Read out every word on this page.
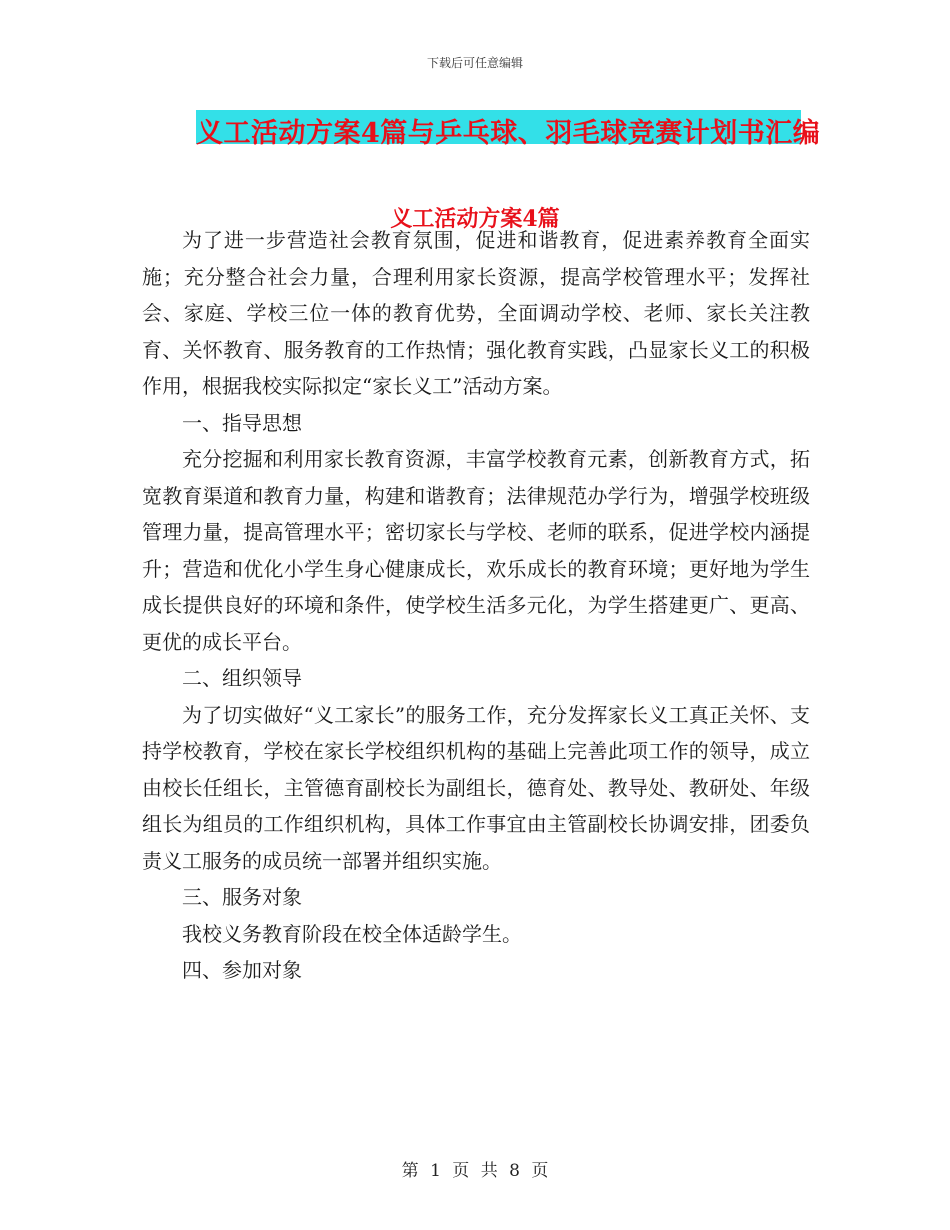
下载后可任意编辑
义工活动方案4篇与乒乓球、羽毛球竞赛计划书汇编
义工活动方案4篇

为了进一步营造社会教育氛围，促进和谐教育，促进素养教育全面实施；充分整合社会力量，合理利用家长资源，提高学校管理水平；发挥社会、家庭、学校三位一体的教育优势，全面调动学校、老师、家长关注教育、关怀教育、服务教育的工作热情；强化教育实践，凸显家长义工的积极作用，根据我校实际拟定“家长义工”活动方案。

一、指导思想

充分挖掘和利用家长教育资源，丰富学校教育元素，创新教育方式，拓宽教育渠道和教育力量，构建和谐教育；法律规范办学行为，增强学校班级管理力量，提高管理水平；密切家长与学校、老师的联系，促进学校内涵提升；营造和优化小学生身心健康成长，欢乐成长的教育环境；更好地为学生成长提供良好的环境和条件，使学校生活多元化，为学生搭建更广、更高、更优的成长平台。

二、组织领导

为了切实做好“义工家长”的服务工作，充分发挥家长义工真正关怀、支持学校教育，学校在家长学校组织机构的基础上完善此项工作的领导，成立由校长任组长，主管德育副校长为副组长，德育处、教导处、教研处、年级组长为组员的工作组织机构，具体工作事宜由主管副校长协调安排，团委负责义工服务的成员统一部署并组织实施。

三、服务对象

我校义务教育阶段在校全体适龄学生。

四、参加对象

第 1 页 共 8 页
